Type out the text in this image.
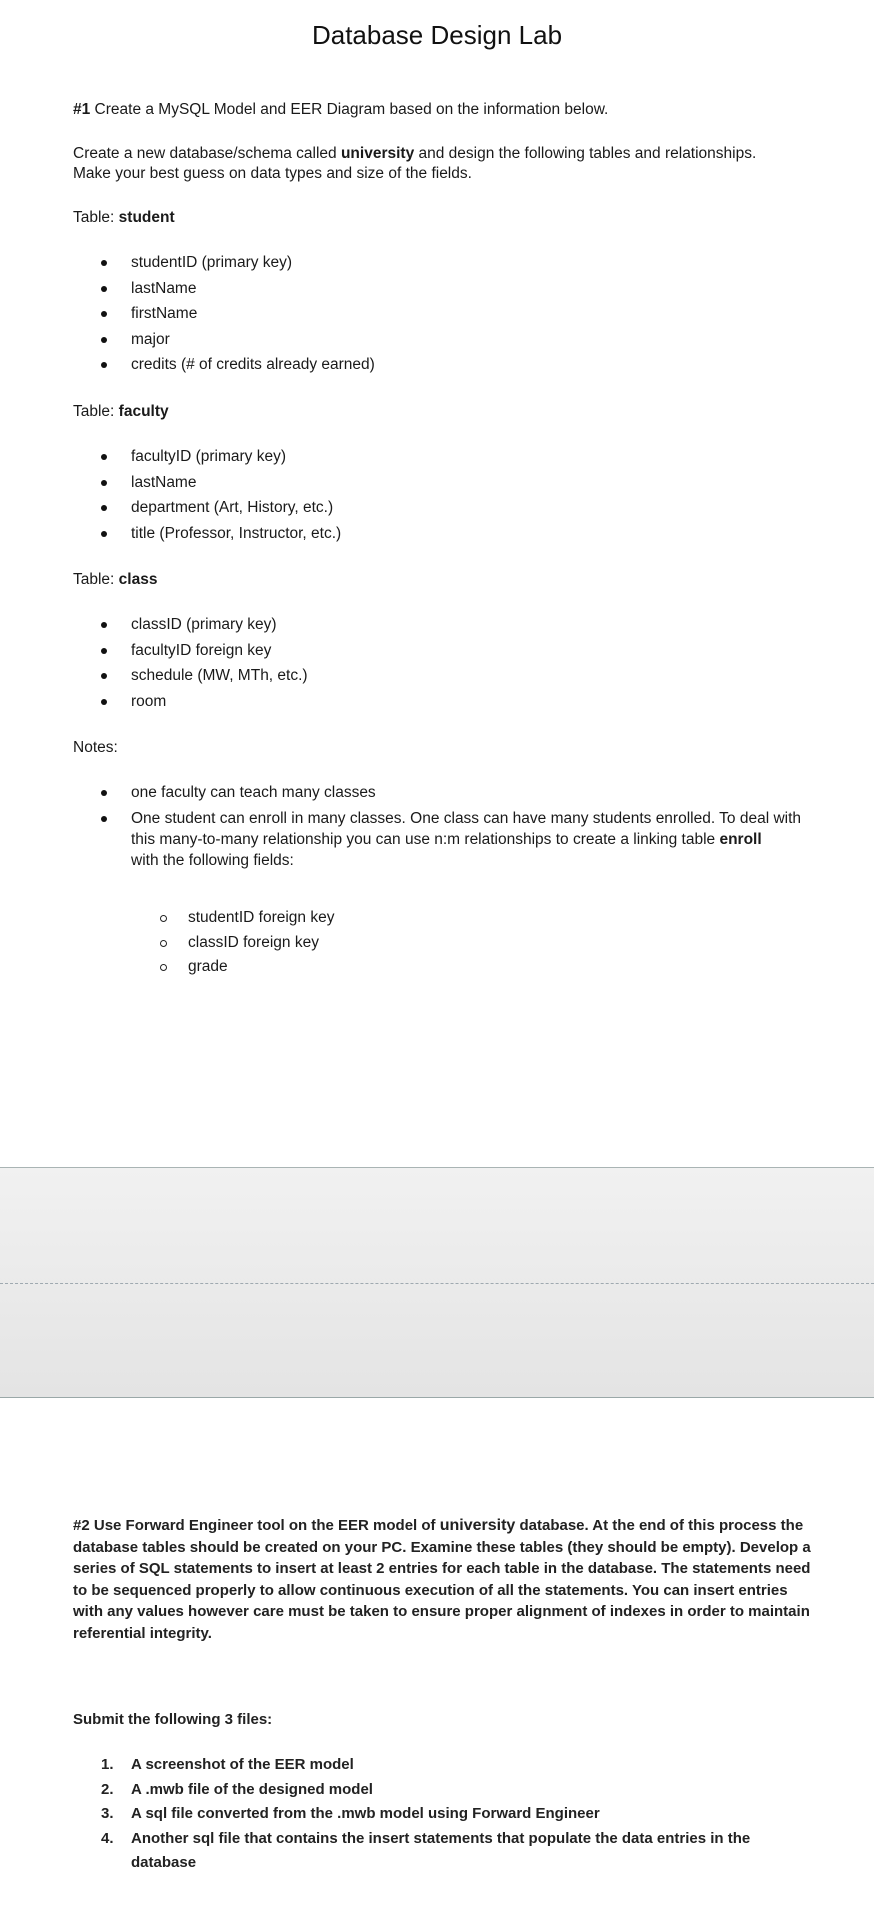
Database Design Lab

#1 Create a MySQL Model and EER Diagram based on the information below.

Create a new database/schema called university and design the following tables and relationships.

Make your best guess on data types and size of the fields.

Table: student

studentID (primary key)
lastName
firstName
major
credits (# of credits already earned)

Table: faculty

facultyID (primary key)
lastName
department (Art, History, etc.)
title (Professor, Instructor, etc.)

Table: class

classID (primary key)
facultyID foreign key
schedule (MW, MTh, etc.)
room

Notes:

one faculty can teach many classes
One student can enroll in many classes. One class can have many students enrolled. To deal with
this many-to-many relationship you can use n:m relationships to create a linking table enroll
with the following fields:
studentID foreign key
classID foreign key
grade
#2 Use Forward Engineer tool on the EER model of university database. At the end of this process the
database tables should be created on your PC. Examine these tables (they should be empty). Develop a
series of SQL statements to insert at least 2 entries for each table in the database. The statements need
to be sequenced properly to allow continuous execution of all the statements. You can insert entries
with any values however care must be taken to ensure proper alignment of indexes in order to maintain
referential integrity.

Submit the following 3 files:

1. A screenshot of the EER model
2. A .mwb file of the designed model
3. A sql file converted from the .mwb model using Forward Engineer
4. Another sql file that contains the insert statements that populate the data entries in the database
